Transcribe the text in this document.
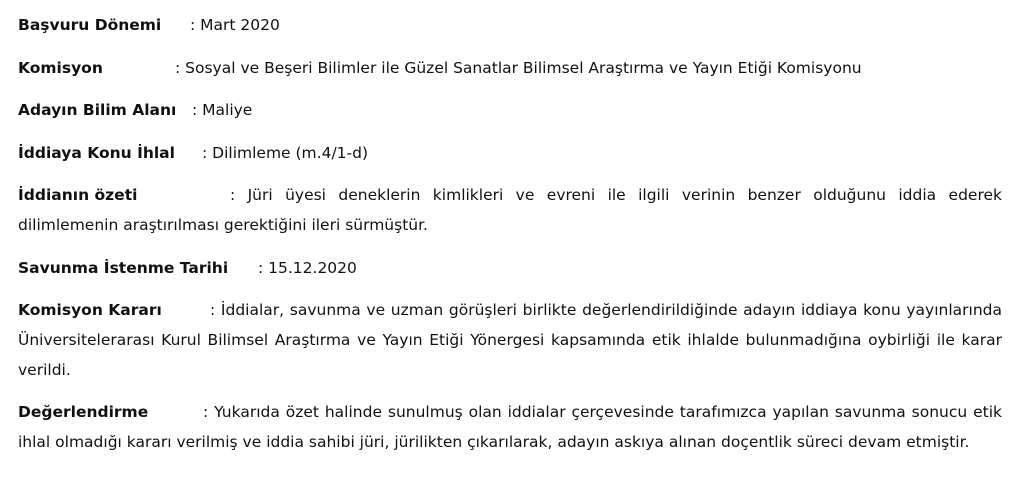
Başvuru Dönemi : Mart 2020
Komisyon	: Sosyal ve Beşeri Bilimler ile Güzel Sanatlar Bilimsel Araştırma ve Yayın Etiği Komisyonu
Adayın Bilim Alanı : Maliye
İddiaya Konu İhlal : Dilimleme (m.4/1-d)
İddianın özeti	: Jüri üyesi deneklerin kimlikleri ve evreni ile ilgili verinin benzer olduğunu iddia ederek dilimlemenin araştırılması gerektiğini ileri sürmüştür.
Savunma İstenme Tarihi : 15.12.2020
Komisyon Kararı	: İddialar, savunma ve uzman görüşleri birlikte değerlendirildiğinde adayın iddiaya konu yayınlarında Üniversitelerarası Kurul Bilimsel Araştırma ve Yayın Etiği Yönergesi kapsamında etik ihlalde bulunmadığına oybirliği ile karar verildi.
Değerlendirme	: Yukarıda özet halinde sunulmuş olan iddialar çerçevesinde tarafımızca yapılan savunma sonucu etik ihlal olmadığı kararı verilmiş ve iddia sahibi jüri, jürilikten çıkarılarak, adayın askıya alınan doçentlik süreci devam etmiştir.
